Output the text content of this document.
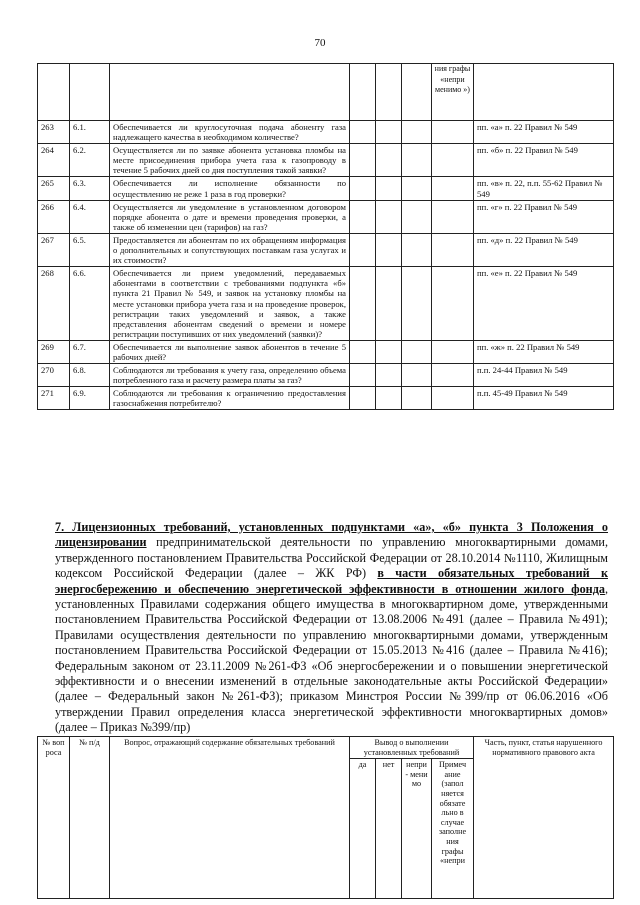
70
						ния графы «непри менимо »)	
263	6.1.	Обеспечивается ли круглосуточная подача абоненту газа надлежащего качества в необходимом количестве?					пп. «а» п. 22 Правил № 549
264	6.2.	Осуществляется ли по заявке абонента установка пломбы на месте присоединения прибора учета газа к газопроводу в течение 5 рабочих дней со дня поступления такой заявки?					пп. «б» п. 22 Правил № 549
265	6.3.	Обеспечивается ли исполнение обязанности по осуществлению не реже 1 раза в год проверки?					пп. «в» п. 22, п.п. 55-62 Правил № 549
266	6.4.	Осуществляется ли уведомление в установленном договором порядке абонента о дате и времени проведения проверки, а также об изменении цен (тарифов) на газ?					пп. «г» п. 22 Правил № 549
267	6.5.	Предоставляется ли абонентам по их обращениям информация о дополнительных и сопутствующих поставкам газа услугах и их стоимости?					пп. «д» п. 22 Правил № 549
268	6.6.	Обеспечивается ли прием уведомлений, передаваемых абонентами в соответствии с требованиями подпункта «б» пункта 21 Правил № 549, и заявок на установку пломбы на месте установки прибора учета газа и на проведение проверок, регистрации таких уведомлений и заявок, а также представления абонентам сведений о времени и номере регистрации поступивших от них уведомлений (заявки)?					пп. «е» п. 22 Правил № 549
269	6.7.	Обеспечивается ли выполнение заявок абонентов в течение 5 рабочих дней?					пп. «ж» п. 22 Правил № 549
270	6.8.	Соблюдаются ли требования к учету газа, определению объема потребленного газа и расчету размера платы за газ?					п.п. 24-44 Правил № 549
271	6.9.	Соблюдаются ли требования к ограничению предоставления газоснабжения потребителю?					п.п. 45-49 Правил № 549
7. Лицензионных требований, установленных подпунктами «а», «б» пункта 3 Положения о лицензировании предпринимательской деятельности по управлению многоквартирными домами, утвержденного постановлением Правительства Российской Федерации от 28.10.2014 №1110, Жилищным кодексом Российской Федерации (далее – ЖК РФ) в части обязательных требований к энергосбережению и обеспечению энергетической эффективности в отношении жилого фонда, установленных Правилами содержания общего имущества в многоквартирном доме, утвержденными постановлением Правительства Российской Федерации от 13.08.2006 №491 (далее – Правила №491); Правилами осуществления деятельности по управлению многоквартирными домами, утвержденным постановлением Правительства Российской Федерации от 15.05.2013 №416 (далее – Правила №416); Федеральным законом от 23.11.2009 №261-ФЗ «Об энергосбережении и о повышении энергетической эффективности и о внесении изменений в отдельные законодательные акты Российской Федерации» (далее – Федеральный закон №261-ФЗ); приказом Минстроя России №399/пр от 06.06.2016 «Об утверждении Правил определения класса энергетической эффективности многоквартирных домов» (далее – Приказ №399/пр)
№ воп роса	№ п/д	Вопрос, отражающий содержание обязательных требований	Вывод о выполнении установленных требований				Часть, пункт, статья нарушенного нормативного правового акта
			да	нет	непри - мени мо	Примеч ание (запол няется обязате льно в случае заполне ния графы «непри	
